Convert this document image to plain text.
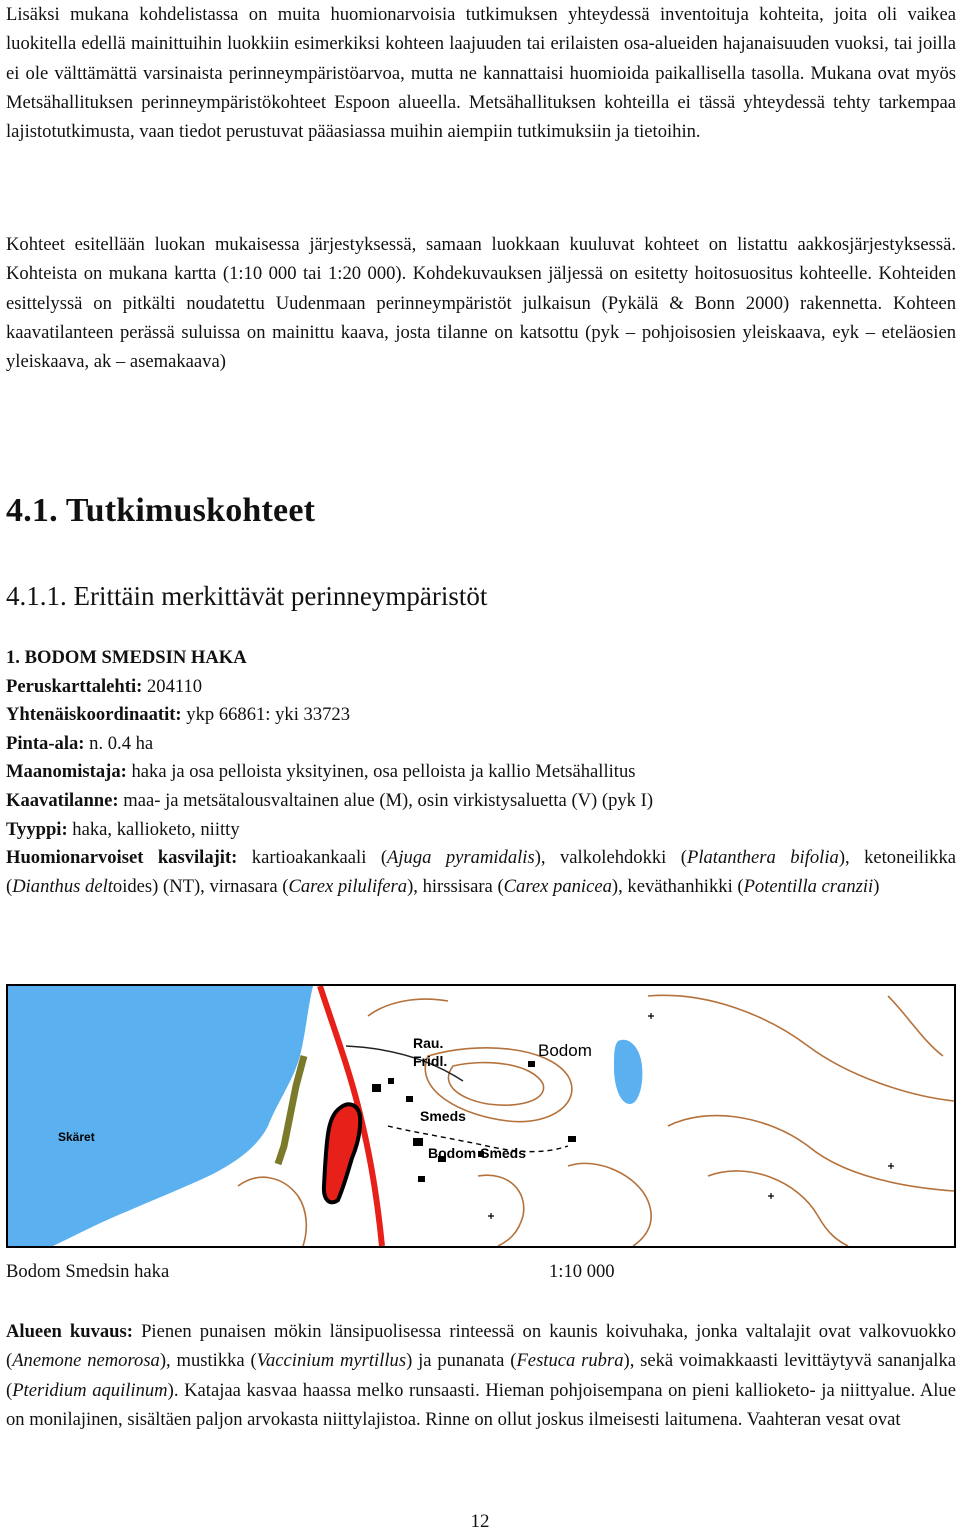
Lisäksi mukana kohdelistassa on muita huomionarvoisia tutkimuksen yhteydessä inventoituja kohteita, joita oli vaikea luokitella edellä mainittuihin luokkiin esimerkiksi kohteen laajuuden tai erilaisten osa-alueiden hajanaisuuden vuoksi, tai joilla ei ole välttämättä varsinaista perinneympäristöarvoa, mutta ne kannattaisi huomioida paikallisella tasolla. Mukana ovat myös Metsähallituksen perinneympäristökohteet Espoon alueella. Metsähallituksen kohteilla ei tässä yhteydessä tehty tarkempaa lajistotutkimusta, vaan tiedot perustuvat pääasiassa muihin aiempiin tutkimuksiin ja tietoihin.

Kohteet esitellään luokan mukaisessa järjestyksessä, samaan luokkaan kuuluvat kohteet on listattu aakkosjärjestyksessä. Kohteista on mukana kartta (1:10 000 tai 1:20 000). Kohdekuvauksen jäljessä on esitetty hoitosuositus kohteelle. Kohteiden esittelyssä on pitkälti noudatettu Uudenmaan perinneympäristöt julkaisun (Pykälä & Bonn 2000) rakennetta. Kohteen kaavatilanteen perässä suluissa on mainittu kaava, josta tilanne on katsottu (pyk – pohjoisosien yleiskaava, eyk – eteläosien yleiskaava, ak – asemakaava)

4.1. Tutkimuskohteet
4.1.1. Erittäin merkittävät perinneympäristöt

1. BODOM SMEDSIN HAKA

Peruskarttalehti: 204110

Yhtenäiskoordinaatit: ykp 66861: yki 33723

Pinta-ala: n. 0.4 ha

Maanomistaja: haka ja osa pelloista yksityinen, osa pelloista ja kallio Metsähallitus

Kaavatilanne: maa- ja metsätalousvaltainen alue (M), osin virkistysaluetta (V) (pyk I)

Tyyppi: haka, kallioketo, niitty

Huomionarvoiset kasvilajit: kartioakankaali (Ajuga pyramidalis), valkolehdokki (Platanthera bifolia), ketoneilikka (Dianthus deltoides) (NT), virnasara (Carex pilulifera), hirssisara (Carex panicea), keväthanhikki (Potentilla cranzii)

Rau.
Fridl.
Bodom
Smeds
Bodom Smeds
Skäret
Bodom Smedsin haka	1:10 000

Alueen kuvaus: Pienen punaisen mökin länsipuolisessa rinteessä on kaunis koivuhaka, jonka valtalajit ovat valkovuokko (Anemone nemorosa), mustikka (Vaccinium myrtillus) ja punanata (Festuca rubra), sekä voimakkaasti levittäytyvä sananjalka (Pteridium aquilinum). Katajaa kasvaa haassa melko runsaasti. Hieman pohjoisempana on pieni kallioketo- ja niittyalue. Alue on monilajinen, sisältäen paljon arvokasta niittylajistoa. Rinne on ollut joskus ilmeisesti laitumena. Vaahteran vesat ovat

12
